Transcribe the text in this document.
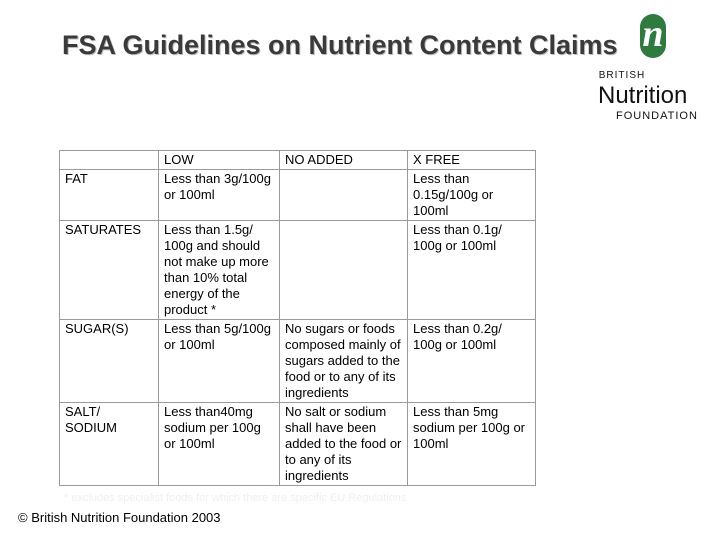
FSA Guidelines on Nutrient Content Claims n
BRITISH
Nutrition
FOUNDATION
	LOW	NO ADDED	X FREE
FAT	Less than 3g/100g or 100ml		Less than 0.15g/100g or 100ml
SATURATES	Less than 1.5g/ 100g and should not make up more than 10% total energy of the product *		Less than 0.1g/ 100g or 100ml
SUGAR(S)	Less than 5g/100g or 100ml	No sugars or foods composed mainly of sugars added to the food or to any of its ingredients	Less than 0.2g/ 100g or 100ml
SALT/ SODIUM	Less than40mg sodium per 100g or 100ml	No salt or sodium shall have been added to the food or to any of its ingredients	Less than 5mg sodium per 100g or 100ml
* excludes specialist foods for which there are specific EU Regulations
© British Nutrition Foundation 2003
